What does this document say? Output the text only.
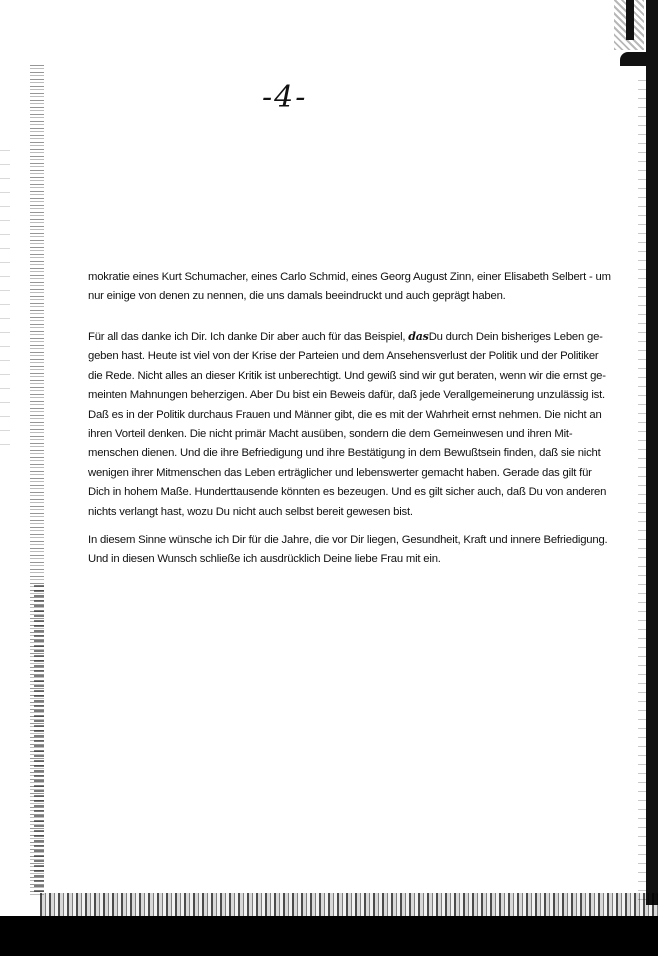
-4-
mokratie eines Kurt Schumacher, eines Carlo Schmid, eines Georg August Zinn, einer Elisabeth Selbert - um
nur einige von denen zu nennen, die uns damals beeindruckt und auch geprägt haben.
Für all das danke ich Dir. Ich danke Dir aber auch für das Beispiel, dasDu durch Dein bisheriges Leben ge-
geben hast. Heute ist viel von der Krise der Parteien und dem Ansehensverlust der Politik und der Politiker
die Rede. Nicht alles an dieser Kritik ist unberechtigt. Und gewiß sind wir gut beraten, wenn wir die ernst ge-
meinten Mahnungen beherzigen. Aber Du bist ein Beweis dafür, daß jede Verallgemeinerung unzulässig ist.
Daß es in der Politik durchaus Frauen und Männer gibt, die es mit der Wahrheit ernst nehmen. Die nicht an
ihren Vorteil denken. Die nicht primär Macht ausüben, sondern die dem Gemeinwesen und ihren Mit-
menschen dienen. Und die ihre Befriedigung und ihre Bestätigung in dem Bewußtsein finden, daß sie nicht
wenigen ihrer Mitmenschen das Leben erträglicher und lebenswerter gemacht haben. Gerade das gilt für
Dich in hohem Maße. Hunderttausende könnten es bezeugen. Und es gilt sicher auch, daß Du von anderen
nichts verlangt hast, wozu Du nicht auch selbst bereit gewesen bist.
In diesem Sinne wünsche ich Dir für die Jahre, die vor Dir liegen, Gesundheit, Kraft und innere Befriedigung.
Und in diesen Wunsch schließe ich ausdrücklich Deine liebe Frau mit ein.
